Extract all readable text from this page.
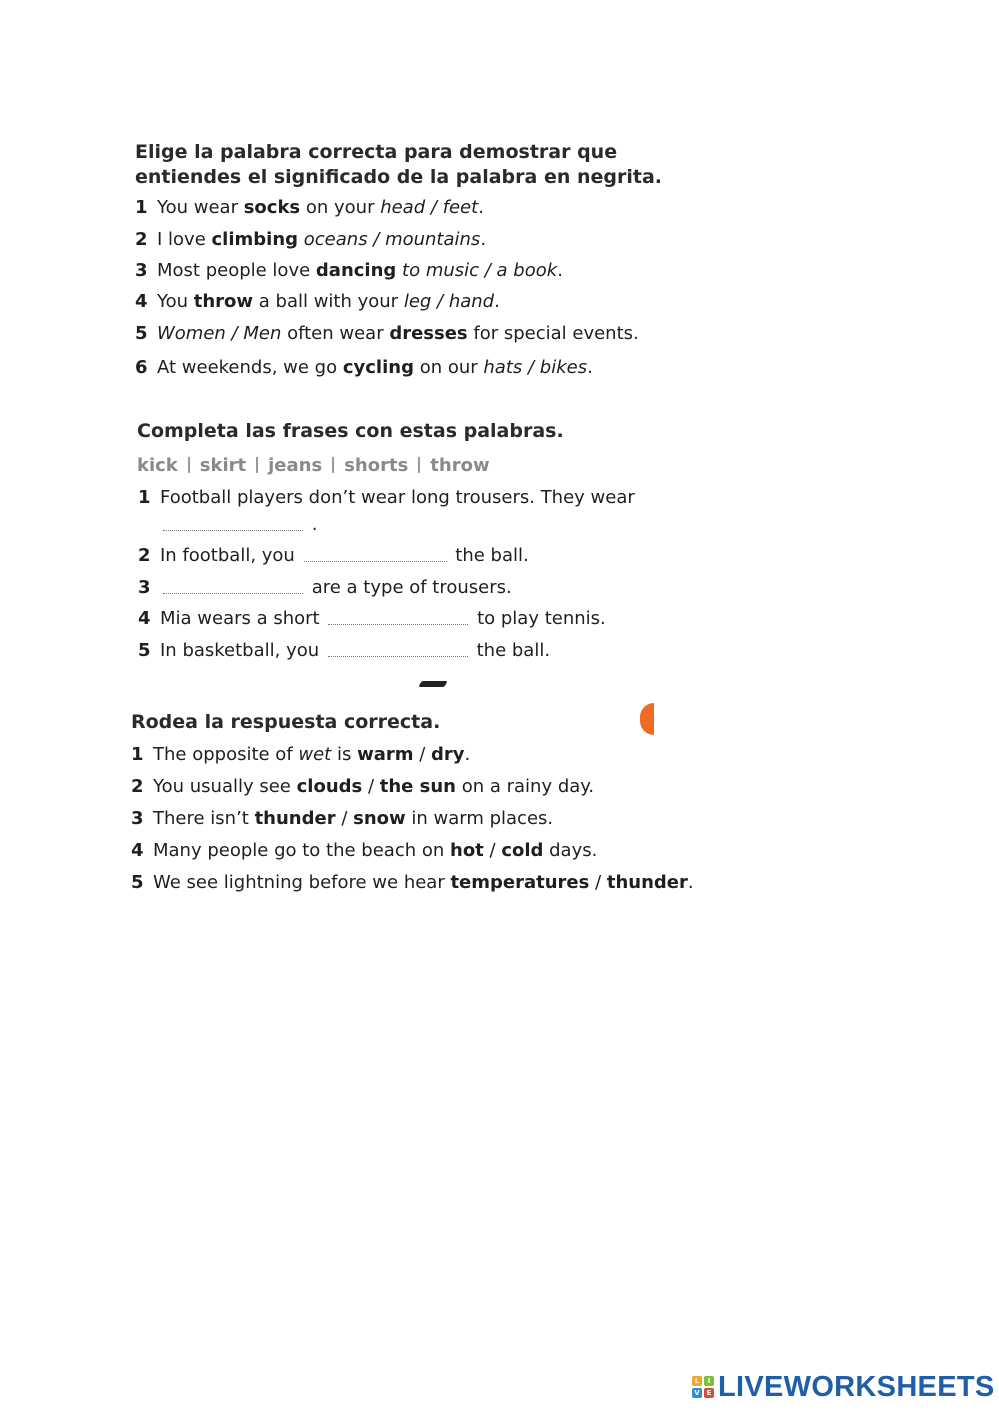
Elige la palabra correcta para demostrar que

entiendes el significado de la palabra en negrita.

1 You wear socks on your head / feet.
2 I love climbing oceans / mountains.
3 Most people love dancing to music / a book.
4 You throw a ball with your leg / hand.
5 Women / Men often wear dresses for special events.
6 At weekends, we go cycling on our hats / bikes.

Completa las frases con estas palabras.

kick skirt jeans shorts throw
1 Football players don’t wear long trousers. They wear
.
2 In football, you	the ball.
3	are a type of trousers.
4 Mia wears a short	to play tennis.
5 In basketball, you	the ball.

Rodea la respuesta correcta.

1 The opposite of wet is warm / dry.
2 You usually see clouds / the sun on a rainy day.
3 There isn’t thunder / snow in warm places.
4 Many people go to the beach on hot / cold days.
5 We see lightning before we hear temperatures / thunder.
L	I
V E LIVEWORKSHEETS
